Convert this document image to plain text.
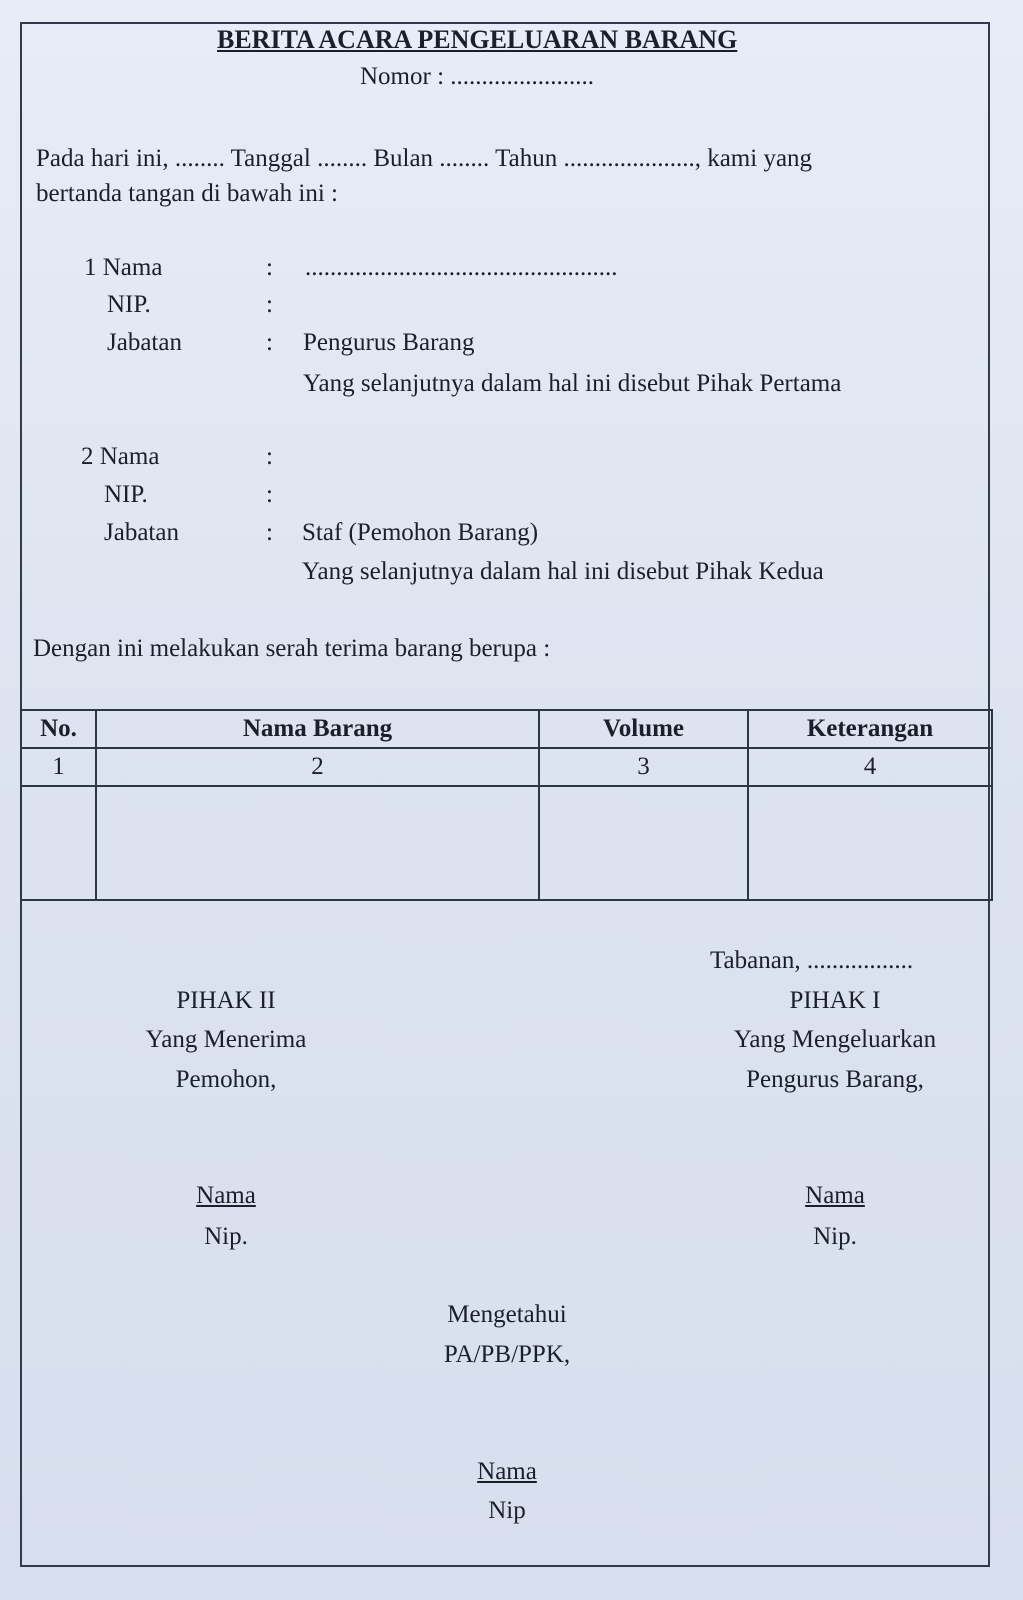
BERITA ACARA PENGELUARAN BARANG
Nomor : .......................
Pada hari ini, ........ Tanggal ........ Bulan ........ Tahun ....................., kami yang
bertanda tangan di bawah ini :
1 Nama	: ..................................................
NIP.	:
Jabatan	: Pengurus Barang
Yang selanjutnya dalam hal ini disebut Pihak Pertama
2 Nama	:
NIP.	:
Jabatan	: Staf (Pemohon Barang)
Yang selanjutnya dalam hal ini disebut Pihak Kedua
Dengan ini melakukan serah terima barang berupa :
No.	Nama Barang	Volume	Keterangan
1	2	3	4

Tabanan, .................
PIHAK II
Yang Menerima
Pemohon,
Nama
Nip.
PIHAK I
Yang Mengeluarkan
Pengurus Barang,
Nama
Nip.
Mengetahui
PA/PB/PPK,
Nama
Nip
